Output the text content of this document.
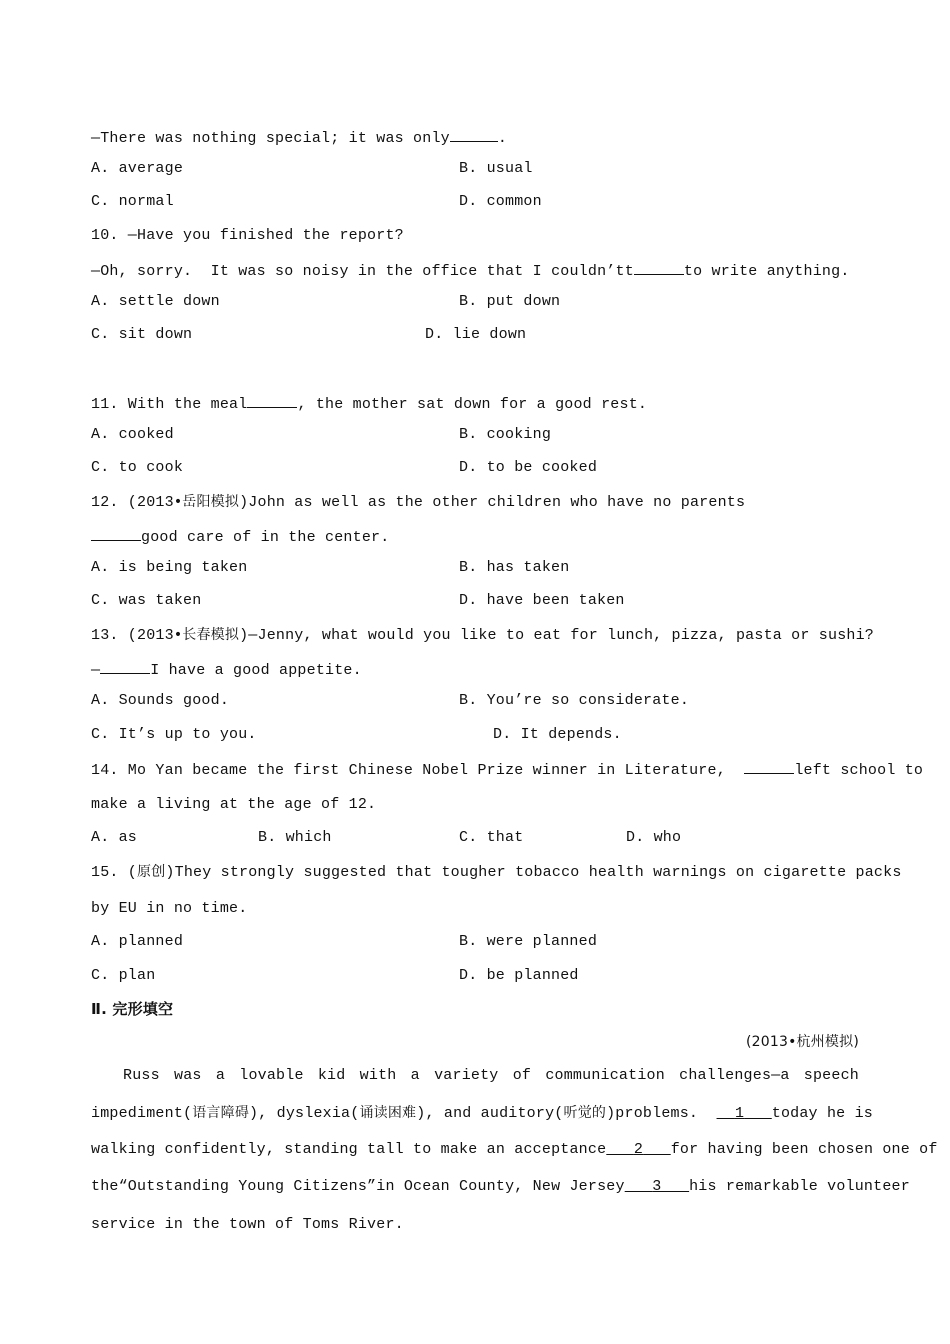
—There was nothing special; it was only	.
A. average	B. usual
C. normal	D. common
10. —Have you finished the report?
—Oh, sorry.  It was so noisy in the office that I couldn’t t	to write anything.
A. settle down	B. put down
C. sit down	D. lie down
11. With the meal	, the mother sat down for a good rest.
A. cooked	B. cooking
C. to cook	D. to be cooked
12. (2013•岳阳模拟)John as well as the other children who have no parents
good care of in the center.
A. is being taken	B. has taken
C. was taken	D. have been taken
13. (2013•长春模拟)—Jenny, what would you like to eat for lunch, pizza, pasta or sushi?
—	I have a good appetite.
A. Sounds good.	B. You’re so considerate.
C. It’s up to you.	D. It depends.
14. Mo Yan became the first Chinese Nobel Prize winner in Literature,	left school to
make a living at the age of 12.
A. as	B. which	C. that	D. who
15. (原创)They strongly suggested that tougher tobacco health warnings on cigarette packs
by EU in no time.
A. planned	B. were planned
C. plan	D. be planned
Ⅱ. 完形填空
(2013•杭州模拟)
Russ was a lovable kid with a variety of communication challenges—a speech
impediment(语言障碍), dyslexia(诵读困难), and auditory(听觉的)problems. 1 today he is
walking confidently, standing tall to make an acceptance 2 for having been chosen one of
the“Outstanding Young Citizens”in Ocean County, New Jersey 3 his remarkable volunteer
service in the town of Toms River.
